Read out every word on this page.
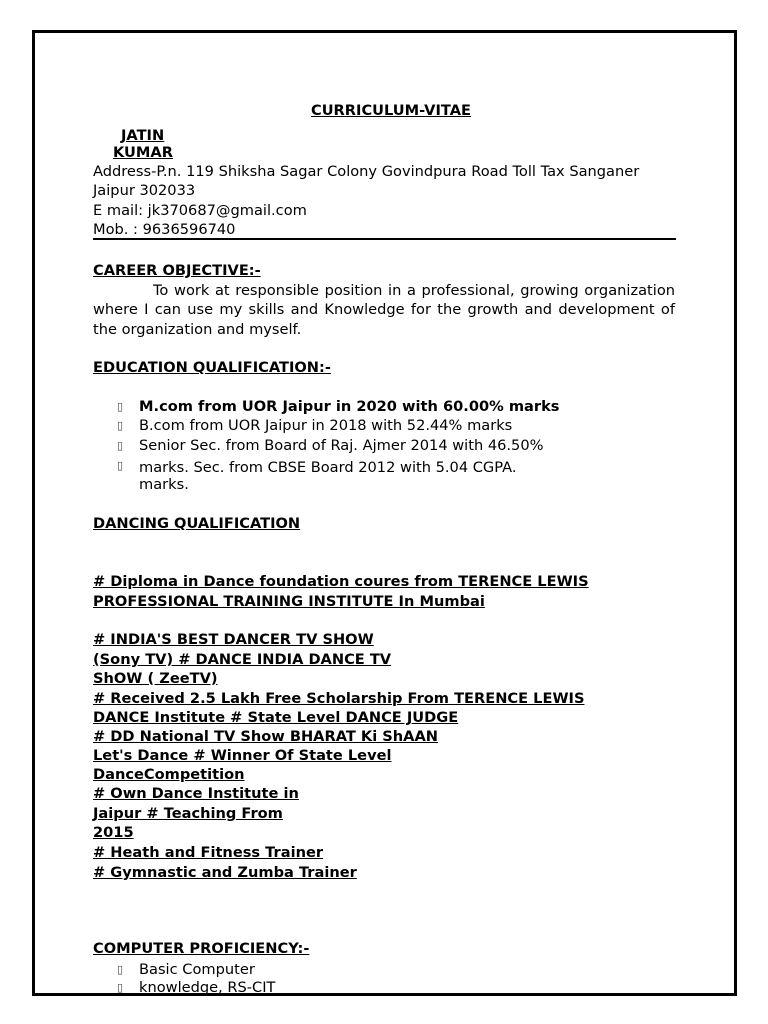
CURRICULUM-VITAE
JATIN
KUMAR
Address-P.n. 119 Shiksha Sagar Colony Govindpura Road Toll Tax Sanganer
Jaipur 302033
E mail: jk370687@gmail.com
Mob. : 9636596740
CAREER OBJECTIVE:-
To work at responsible position in a professional, growing organization where I can use my skills and Knowledge for the growth and development of the organization and myself.
EDUCATION QUALIFICATION:-
▯ M.com from UOR Jaipur in 2020 with 60.00% marks
▯ B.com from UOR Jaipur in 2018 with 52.44% marks
▯ Senior Sec. from Board of Raj. Ajmer 2014 with 46.50%
▯ marks. Sec. from CBSE Board 2012 with 5.04 CGPA.
marks.
DANCING QUALIFICATION
# Diploma in Dance foundation coures from TERENCE LEWIS
PROFESSIONAL TRAINING INSTITUTE In Mumbai
# INDIA'S BEST DANCER TV SHOW
(Sony TV) # DANCE INDIA DANCE TV
ShOW ( ZeeTV)
# Received 2.5 Lakh Free Scholarship From TERENCE LEWIS
DANCE Institute # State Level DANCE JUDGE
# DD National TV Show BHARAT Ki ShAAN
Let's Dance # Winner Of State Level
DanceCompetition
# Own Dance Institute in
Jaipur # Teaching From
2015
# Heath and Fitness Trainer
# Gymnastic and Zumba Trainer
COMPUTER PROFICIENCY:-
▯ Basic Computer
▯ knowledge, RS-CIT
